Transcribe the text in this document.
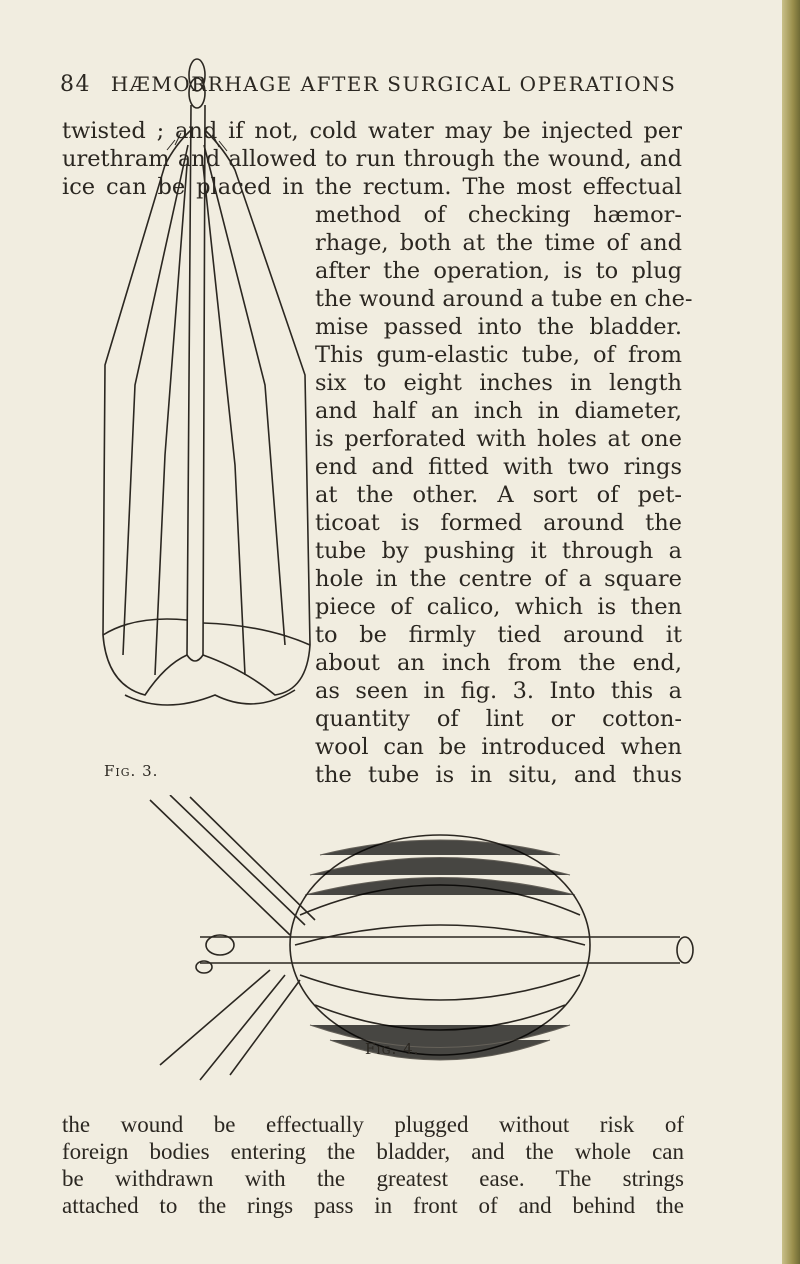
84 HÆMORRHAGE AFTER SURGICAL OPERATIONS
twisted ; and if not, cold water may be injected per
urethram and allowed to run through the wound, and
ice can be placed in the rectum. The most effectual
method of checking hæmor-
rhage, both at the time of and
after the operation, is to plug
the wound around a tube en che-
mise passed into the bladder.
This gum-elastic tube, of from
six to eight inches in length
and half an inch in diameter,
is perforated with holes at one
end and fitted with two rings
at the other. A sort of pet-
ticoat is formed around the
tube by pushing it through a
hole in the centre of a square
piece of calico, which is then
to be firmly tied around it
about an inch from the end,
as seen in fig. 3. Into this a
quantity of lint or cotton-
wool can be introduced when
the tube is in situ, and thus
Fig. 3.
Fig. 4.
the wound be effectually plugged without risk of
foreign bodies entering the bladder, and the whole can
be withdrawn with the greatest ease. The strings
attached to the rings pass in front of and behind the
